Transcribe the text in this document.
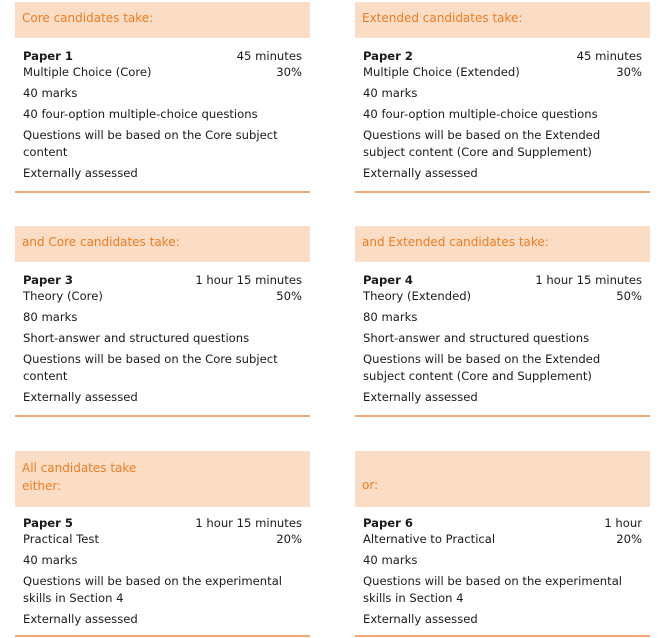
Core candidates take:
Paper 1	45 minutes
Multiple Choice (Core)	30%
40 marks
40 four-option multiple-choice questions
Questions will be based on the Core subject
content
Externally assessed
Extended candidates take:
Paper 2	45 minutes
Multiple Choice (Extended)	30%
40 marks
40 four-option multiple-choice questions
Questions will be based on the Extended
subject content (Core and Supplement)
Externally assessed
and Core candidates take:
Paper 3	1 hour 15 minutes
Theory (Core)	50%
80 marks
Short-answer and structured questions
Questions will be based on the Core subject
content
Externally assessed
and Extended candidates take:
Paper 4	1 hour 15 minutes
Theory (Extended)	50%
80 marks
Short-answer and structured questions
Questions will be based on the Extended
subject content (Core and Supplement)
Externally assessed
All candidates take
either:
Paper 5	1 hour 15 minutes
Practical Test	20%
40 marks
Questions will be based on the experimental
skills in Section 4
Externally assessed
or:
Paper 6	1 hour
Alternative to Practical	20%
40 marks
Questions will be based on the experimental
skills in Section 4
Externally assessed
